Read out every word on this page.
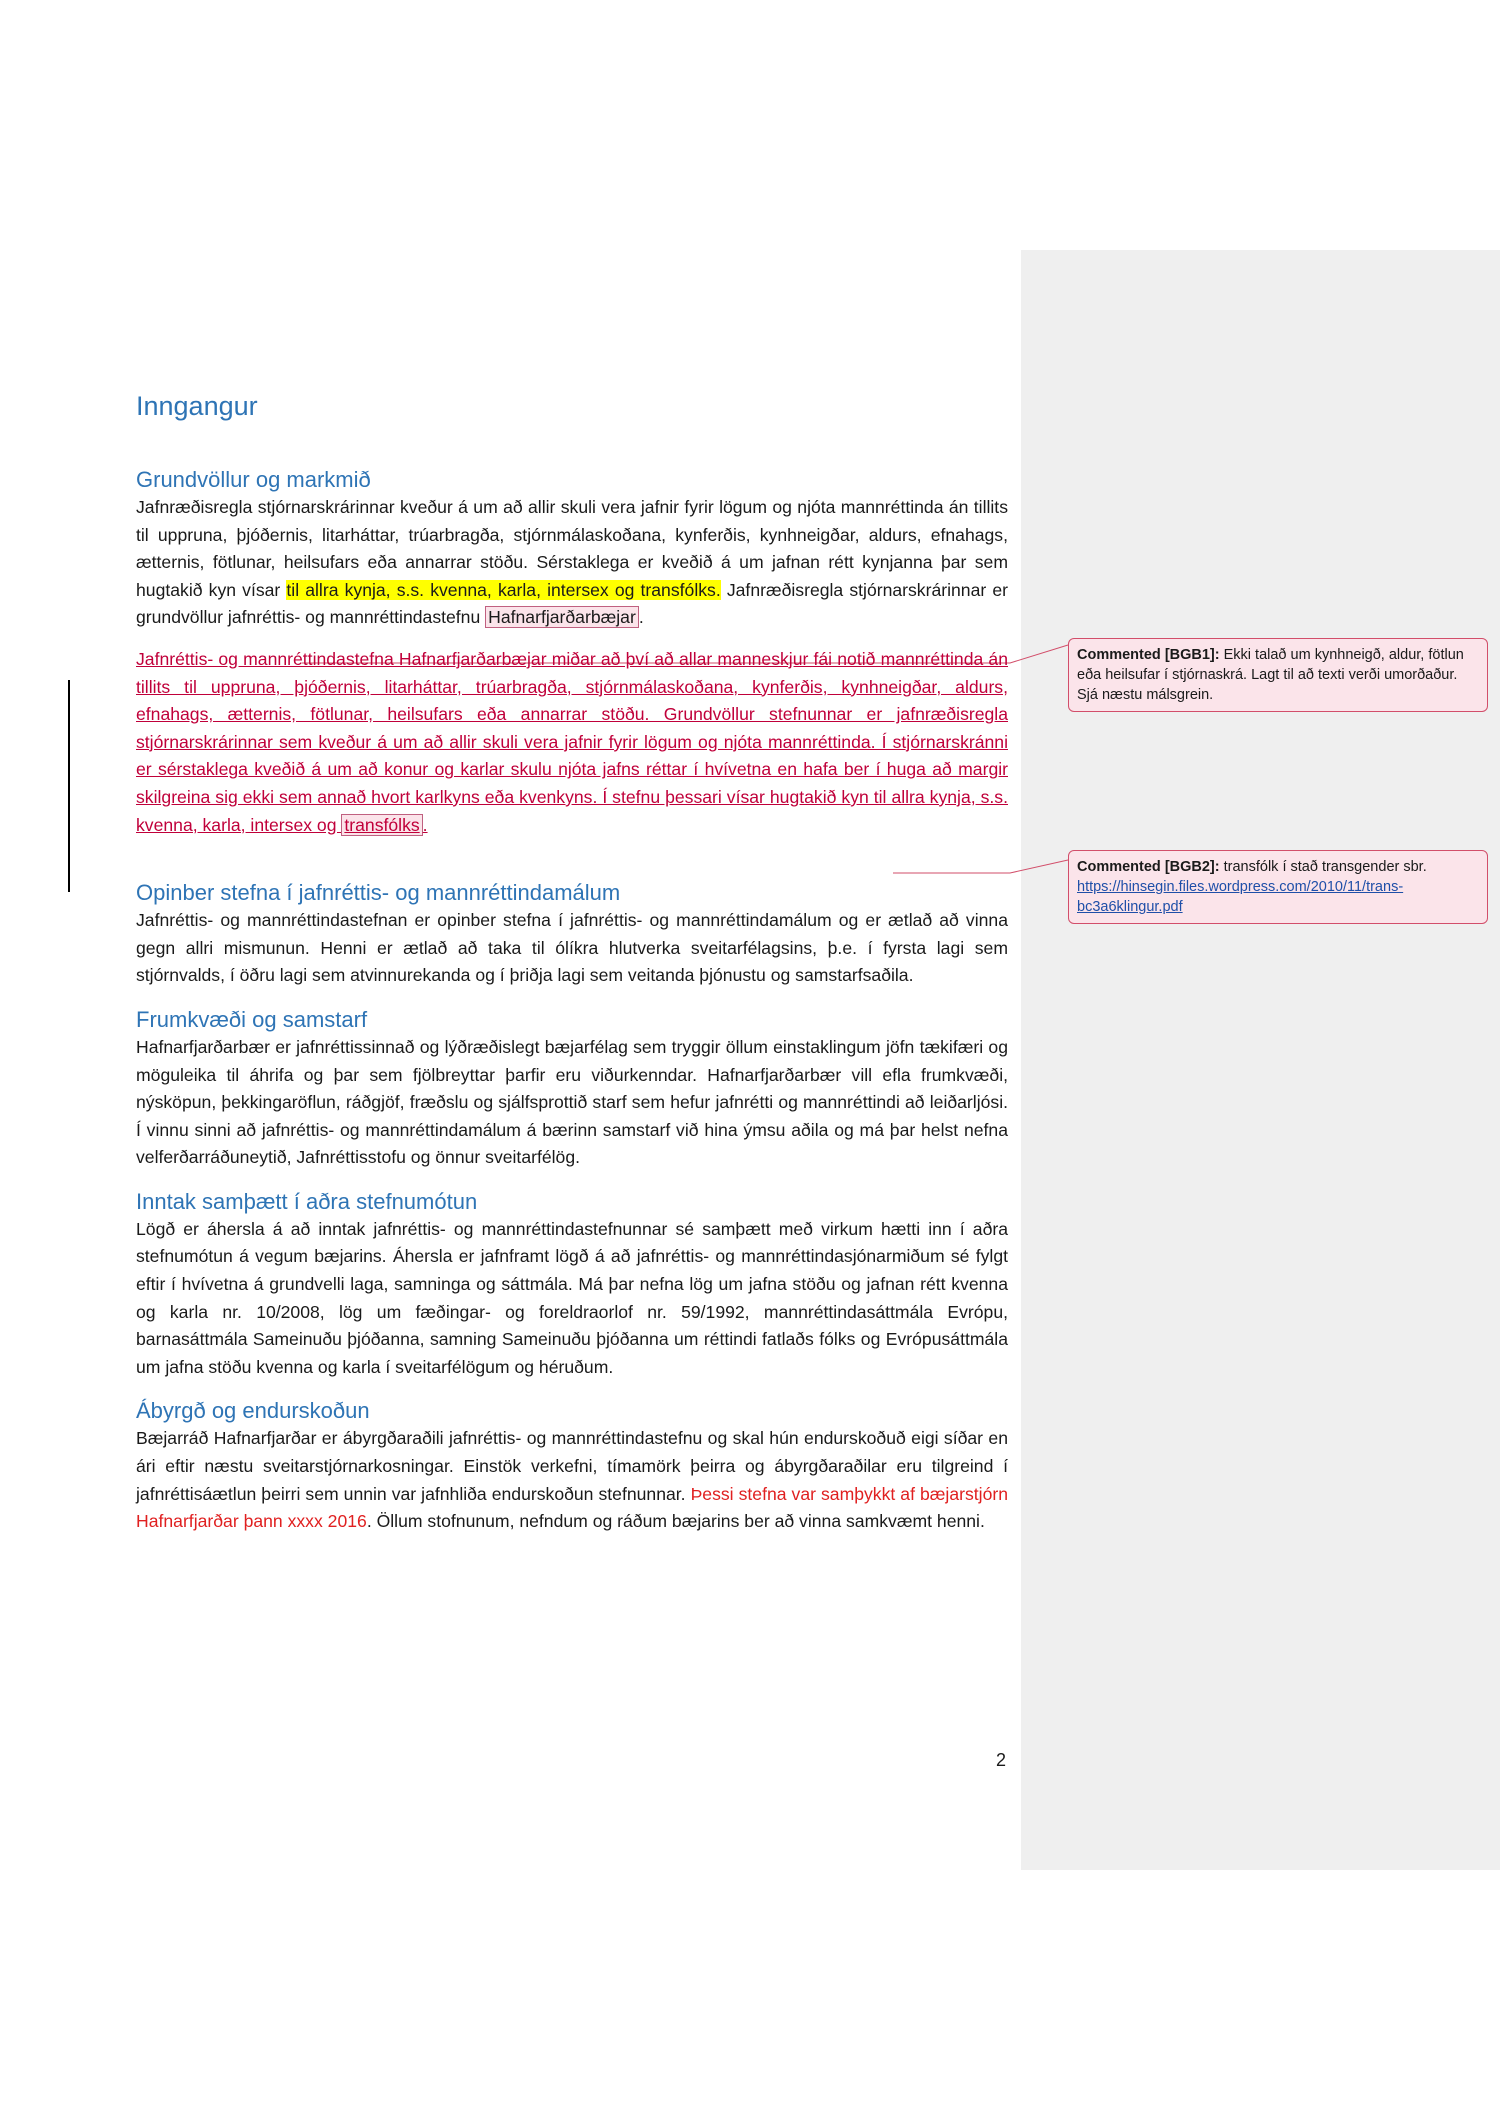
Inngangur
Grundvöllur og markmið

Jafnræðisregla stjórnarskrárinnar kveður á um að allir skuli vera jafnir fyrir lögum og njóta mannréttinda án tillits til uppruna, þjóðernis, litarháttar, trúarbragða, stjórnmálaskoðana, kynferðis, kynhneigðar, aldurs, efnahags, ætternis, fötlunar, heilsufars eða annarrar stöðu. Sérstaklega er kveðið á um jafnan rétt kynjanna þar sem hugtakið kyn vísar til allra kynja, s.s. kvenna, karla, intersex og transfólks. Jafnræðisregla stjórnarskrárinnar er grundvöllur jafnréttis- og mannréttindastefnu Hafnarfjarðarbæjar .

Jafnréttis- og mannréttindastefna Hafnarfjarðarbæjar miðar að því að allar manneskjur fái notið mannréttinda án tillits til uppruna, þjóðernis, litarháttar, trúarbragða, stjórnmálaskoðana, kynferðis, kynhneigðar, aldurs, efnahags, ætternis, fötlunar, heilsufars eða annarrar stöðu. Grundvöllur stefnunnar er jafnræðisregla stjórnarskrárinnar sem kveður á um að allir skuli vera jafnir fyrir lögum og njóta mannréttinda. Í stjórnarskránni er sérstaklega kveðið á um að konur og karlar skulu njóta jafns réttar í hvívetna en hafa ber í huga að margir skilgreina sig ekki sem annað hvort karlkyns eða kvenkyns. Í stefnu þessari vísar hugtakið kyn til allra kynja, s.s. kvenna, karla, intersex og transfólks .

Opinber stefna í jafnréttis- og mannréttindamálum

Jafnréttis- og mannréttindastefnan er opinber stefna í jafnréttis- og mannréttindamálum og er ætlað að vinna gegn allri mismunun. Henni er ætlað að taka til ólíkra hlutverka sveitarfélagsins, þ.e. í fyrsta lagi sem stjórnvalds, í öðru lagi sem atvinnurekanda og í þriðja lagi sem veitanda þjónustu og samstarfsaðila.

Frumkvæði og samstarf

Hafnarfjarðarbær er jafnréttissinnað og lýðræðislegt bæjarfélag sem tryggir öllum einstaklingum jöfn tækifæri og möguleika til áhrifa og þar sem fjölbreyttar þarfir eru viðurkenndar. Hafnarfjarðarbær vill efla frumkvæði, nýsköpun, þekkingaröflun, ráðgjöf, fræðslu og sjálfsprottið starf sem hefur jafnrétti og mannréttindi að leiðarljósi. Í vinnu sinni að jafnréttis- og mannréttindamálum á bærinn samstarf við hina ýmsu aðila og má þar helst nefna velferðarráðuneytið, Jafnréttisstofu og önnur sveitarfélög.

Inntak samþætt í aðra stefnumótun

Lögð er áhersla á að inntak jafnréttis- og mannréttindastefnunnar sé samþætt með virkum hætti inn í aðra stefnumótun á vegum bæjarins. Áhersla er jafnframt lögð á að jafnréttis- og mannréttindasjónarmiðum sé fylgt eftir í hvívetna á grundvelli laga, samninga og sáttmála. Má þar nefna lög um jafna stöðu og jafnan rétt kvenna og karla nr. 10/2008, lög um fæðingar- og foreldraorlof nr. 59/1992, mannréttindasáttmála Evrópu, barnasáttmála Sameinuðu þjóðanna, samning Sameinuðu þjóðanna um réttindi fatlaðs fólks og Evrópusáttmála um jafna stöðu kvenna og karla í sveitarfélögum og héruðum.

Ábyrgð og endurskoðun

Bæjarráð Hafnarfjarðar er ábyrgðaraðili jafnréttis- og mannréttindastefnu og skal hún endurskoðuð eigi síðar en ári eftir næstu sveitarstjórnarkosningar. Einstök verkefni, tímamörk þeirra og ábyrgðaraðilar eru tilgreind í jafnréttisáætlun þeirri sem unnin var jafnhliða endurskoðun stefnunnar. Þessi stefna var samþykkt af bæjarstjórn Hafnarfjarðar þann xxxx 2016. Öllum stofnunum, nefndum og ráðum bæjarins ber að vinna samkvæmt henni.

2
Commented [BGB1]: Ekki talað um kynhneigð, aldur, fötlun eða heilsufar í stjórnaskrá. Lagt til að texti verði umorðaður. Sjá næstu málsgrein.
Commented [BGB2]: transfólk í stað transgender sbr.
https://hinsegin.files.wordpress.com/2010/11/trans-bc3a6klingur.pdf
